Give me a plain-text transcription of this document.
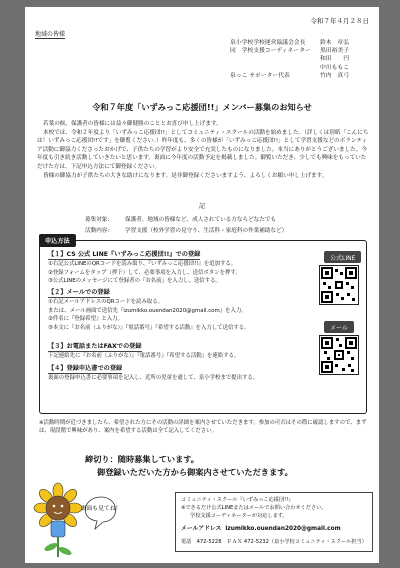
令和７年４月２８日
地域の皆様
泉小学校学校運営協議会会長	鈴木　章弘
同　学校支援コーディネーター	黒田裕美子
和田　　円
中川ももこ
泉っこ サポーター代表	竹内　真弓
令和７年度「いずみっこ応援団!!」メンバー募集のお知らせ

若葉の候、保護者の皆様には益々御健勝のこととお喜び申し上げます。

本校では、令和２年度より「いずみっこ応援団!!」としてコミュニティ・スクールの活動を始めました。（詳しくは別紙「こんにちは！いずみっこ応援団!!です」を御覧ください。）昨年度も、多くの皆様が「いずみっこ応援団!!」として学習支援などのボランティア活動に御協力くださったおかげで、子供たちの学習がより安全で充実したものになりました。本当にありがとうございました。今年度も引き続き活動していきたいと思います。裏面に今年度の活動予定を掲載しました。御覧いただき、少しでも興味をもっていただけた方は、下記申込方法にて御登録ください。

皆様の御協力が子供たちの大きな助けになります。是非御登録くださいますよう、よろしくお願い申し上げます。

記
募集対象： 保護者、地域の皆様など、成人されている方ならどなたでも
活動内容： 学習支援（校外学習の見守り、生活科・家庭科の作業補助など）
申込方法
【１】CS 公式 LINE『いずみっこ応援団!!』での登録
①右記公式LINEのQRコードを読み取り、『いずみっこ応援団!!』を追加する。
②登録フォームをタップ（押下）して、必要事項を入力し、送信ボタンを押す。
③公式LINEのメッセージにて登録者の『お名前』を入力し、送信する。
【２】メールでの登録
①右記メールアドレスのQRコードを読み取る。
または、メール画面で送信先『izumikko.ouendan2020@gmail.com』を入力。
②件名に『登録希望』と入力。
③本文に『お名前（ふりがな）』『電話番号』『希望する活動』を入力して送信する。
【３】お電話またはFAXでの登録
下記連絡先に『お名前（ふりがな）』『電話番号』『希望する活動』を連絡する。
【４】登録申込書での登録
裏面の登録申込書に必要事項を記入し、近所の児童を通して、泉小学校まで提出する。
公式LINE
メール
※活動時期が近づきましたら、希望された方にその活動の詳細を案内させていただきます。参加の可否はその際に確認しますので、まずは、現段階で興味があり、案内を希望する活動は全て記入してください。
締切り：随時募集しています。
御登録いただいた方から御案内させていただきます。
裏面も見てね！
コミュニティ・スクール『いずみっこ応援団!!』
※できるだけ公式LINEまたはメールでお問い合わせください。
学校支援コーディネーターが対応します。
メールアドレス izumikko.ouendan2020@gmail.com
電話　472-5228　ＦＡＸ 472-5232（泉小学校コミュニティ・スクール担当）
